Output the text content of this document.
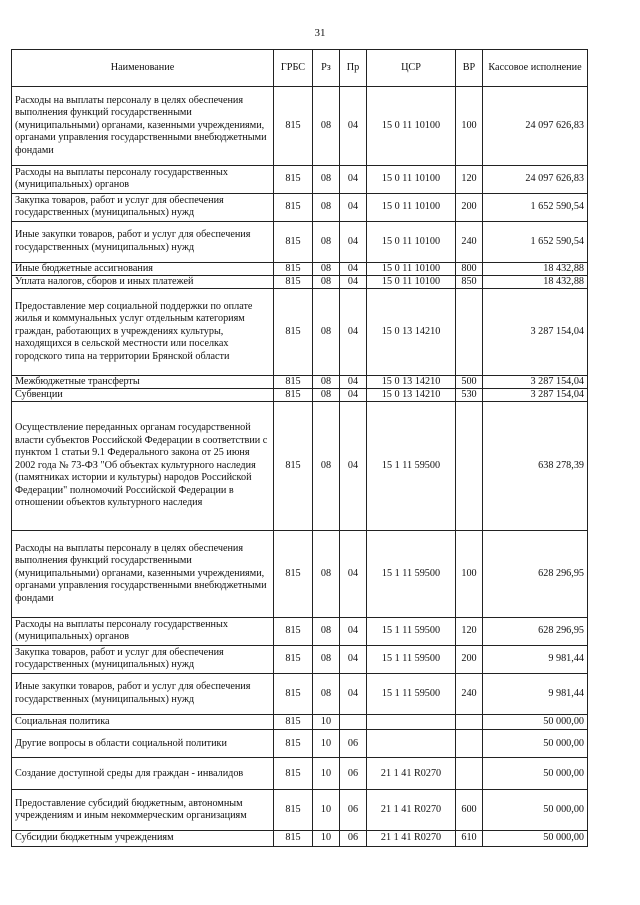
31
Наименование	ГРБС	Рз	Пр	ЦСР	ВР	Кассовое исполнение
Расходы на выплаты персоналу в целях обеспечения выполнения функций государственными (муниципальными) органами, казенными учреждениями, органами управления государственными внебюджетными фондами	815	08	04	15 0 11 10100	100	24 097 626,83
Расходы на выплаты персоналу государственных (муниципальных) органов	815	08	04	15 0 11 10100	120	24 097 626,83
Закупка товаров, работ и услуг для обеспечения государственных (муниципальных) нужд	815	08	04	15 0 11 10100	200	1 652 590,54
Иные закупки товаров, работ и услуг для обеспечения государственных (муниципальных) нужд	815	08	04	15 0 11 10100	240	1 652 590,54
Иные бюджетные ассигнования	815	08	04	15 0 11 10100	800	18 432,88
Уплата налогов, сборов и иных платежей	815	08	04	15 0 11 10100	850	18 432,88
Предоставление мер социальной поддержки по оплате жилья и коммунальных услуг отдельным категориям граждан, работающих в учреждениях культуры, находящихся в сельской местности или поселках городского типа на территории Брянской области	815	08	04	15 0 13 14210		3 287 154,04
Межбюджетные трансферты	815	08	04	15 0 13 14210	500	3 287 154,04
Субвенции	815	08	04	15 0 13 14210	530	3 287 154,04
Осуществление переданных органам государственной власти субъектов Российской Федерации в соответствии с пунктом 1 статьи 9.1 Федерального закона от 25 июня 2002 года № 73-ФЗ "Об объектах культурного наследия (памятниках истории и культуры) народов Российской Федерации" полномочий Российской Федерации в отношении объектов культурного наследия	815	08	04	15 1 11 59500		638 278,39
Расходы на выплаты персоналу в целях обеспечения выполнения функций государственными (муниципальными) органами, казенными учреждениями, органами управления государственными внебюджетными фондами	815	08	04	15 1 11 59500	100	628 296,95
Расходы на выплаты персоналу государственных (муниципальных) органов	815	08	04	15 1 11 59500	120	628 296,95
Закупка товаров, работ и услуг для обеспечения государственных (муниципальных) нужд	815	08	04	15 1 11 59500	200	9 981,44
Иные закупки товаров, работ и услуг для обеспечения государственных (муниципальных) нужд	815	08	04	15 1 11 59500	240	9 981,44
Социальная политика	815	10				50 000,00
Другие вопросы в области социальной политики	815	10	06			50 000,00
Создание доступной среды для граждан - инвалидов	815	10	06	21 1 41 R0270		50 000,00
Предоставление субсидий бюджетным, автономным учреждениям и иным некоммерческим организациям	815	10	06	21 1 41 R0270	600	50 000,00
Субсидии бюджетным учреждениям	815	10	06	21 1 41 R0270	610	50 000,00
